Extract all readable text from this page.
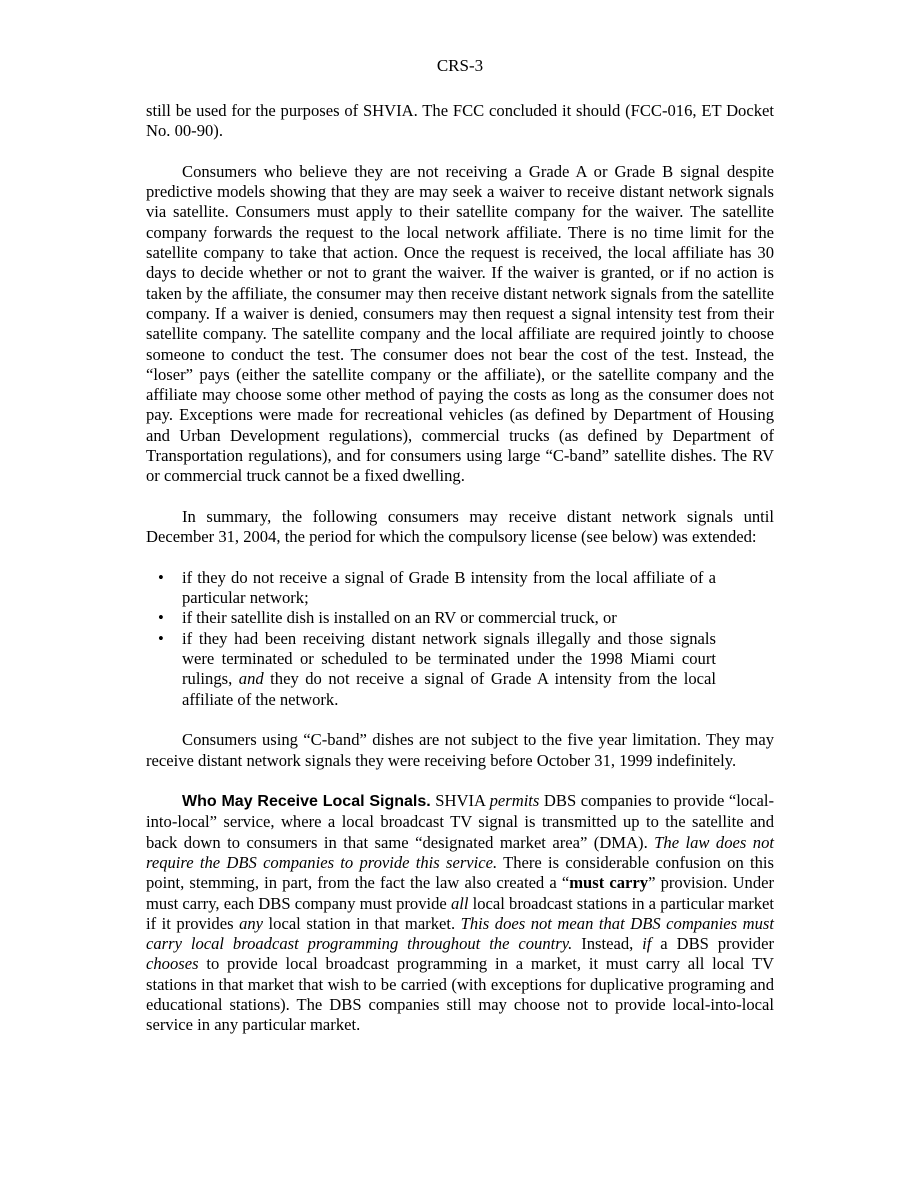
CRS-3

still be used for the purposes of SHVIA. The FCC concluded it should (FCC-016, ET Docket No. 00-90).

Consumers who believe they are not receiving a Grade A or Grade B signal despite predictive models showing that they are may seek a waiver to receive distant network signals via satellite. Consumers must apply to their satellite company for the waiver. The satellite company forwards the request to the local network affiliate. There is no time limit for the satellite company to take that action. Once the request is received, the local affiliate has 30 days to decide whether or not to grant the waiver. If the waiver is granted, or if no action is taken by the affiliate, the consumer may then receive distant network signals from the satellite company. If a waiver is denied, consumers may then request a signal intensity test from their satellite company. The satellite company and the local affiliate are required jointly to choose someone to conduct the test. The consumer does not bear the cost of the test. Instead, the “loser” pays (either the satellite company or the affiliate), or the satellite company and the affiliate may choose some other method of paying the costs as long as the consumer does not pay. Exceptions were made for recreational vehicles (as defined by Department of Housing and Urban Development regulations), commercial trucks (as defined by Department of Transportation regulations), and for consumers using large “C-band” satellite dishes. The RV or commercial truck cannot be a fixed dwelling.

In summary, the following consumers may receive distant network signals until December 31, 2004, the period for which the compulsory license (see below) was extended:

• if they do not receive a signal of Grade B intensity from the local affiliate of a particular network;
• if their satellite dish is installed on an RV or commercial truck, or
• if they had been receiving distant network signals illegally and those signals were terminated or scheduled to be terminated under the 1998 Miami court rulings, and they do not receive a signal of Grade A intensity from the local affiliate of the network.

Consumers using “C-band” dishes are not subject to the five year limitation. They may receive distant network signals they were receiving before October 31, 1999 indefinitely.

Who May Receive Local Signals. SHVIA permits DBS companies to provide “local-into-local” service, where a local broadcast TV signal is transmitted up to the satellite and back down to consumers in that same “designated market area” (DMA). The law does not require the DBS companies to provide this service. There is considerable confusion on this point, stemming, in part, from the fact the law also created a “must carry” provision. Under must carry, each DBS company must provide all local broadcast stations in a particular market if it provides any local station in that market. This does not mean that DBS companies must carry local broadcast programming throughout the country. Instead, if a DBS provider chooses to provide local broadcast programming in a market, it must carry all local TV stations in that market that wish to be carried (with exceptions for duplicative programing and educational stations). The DBS companies still may choose not to provide local-into-local service in any particular market.
